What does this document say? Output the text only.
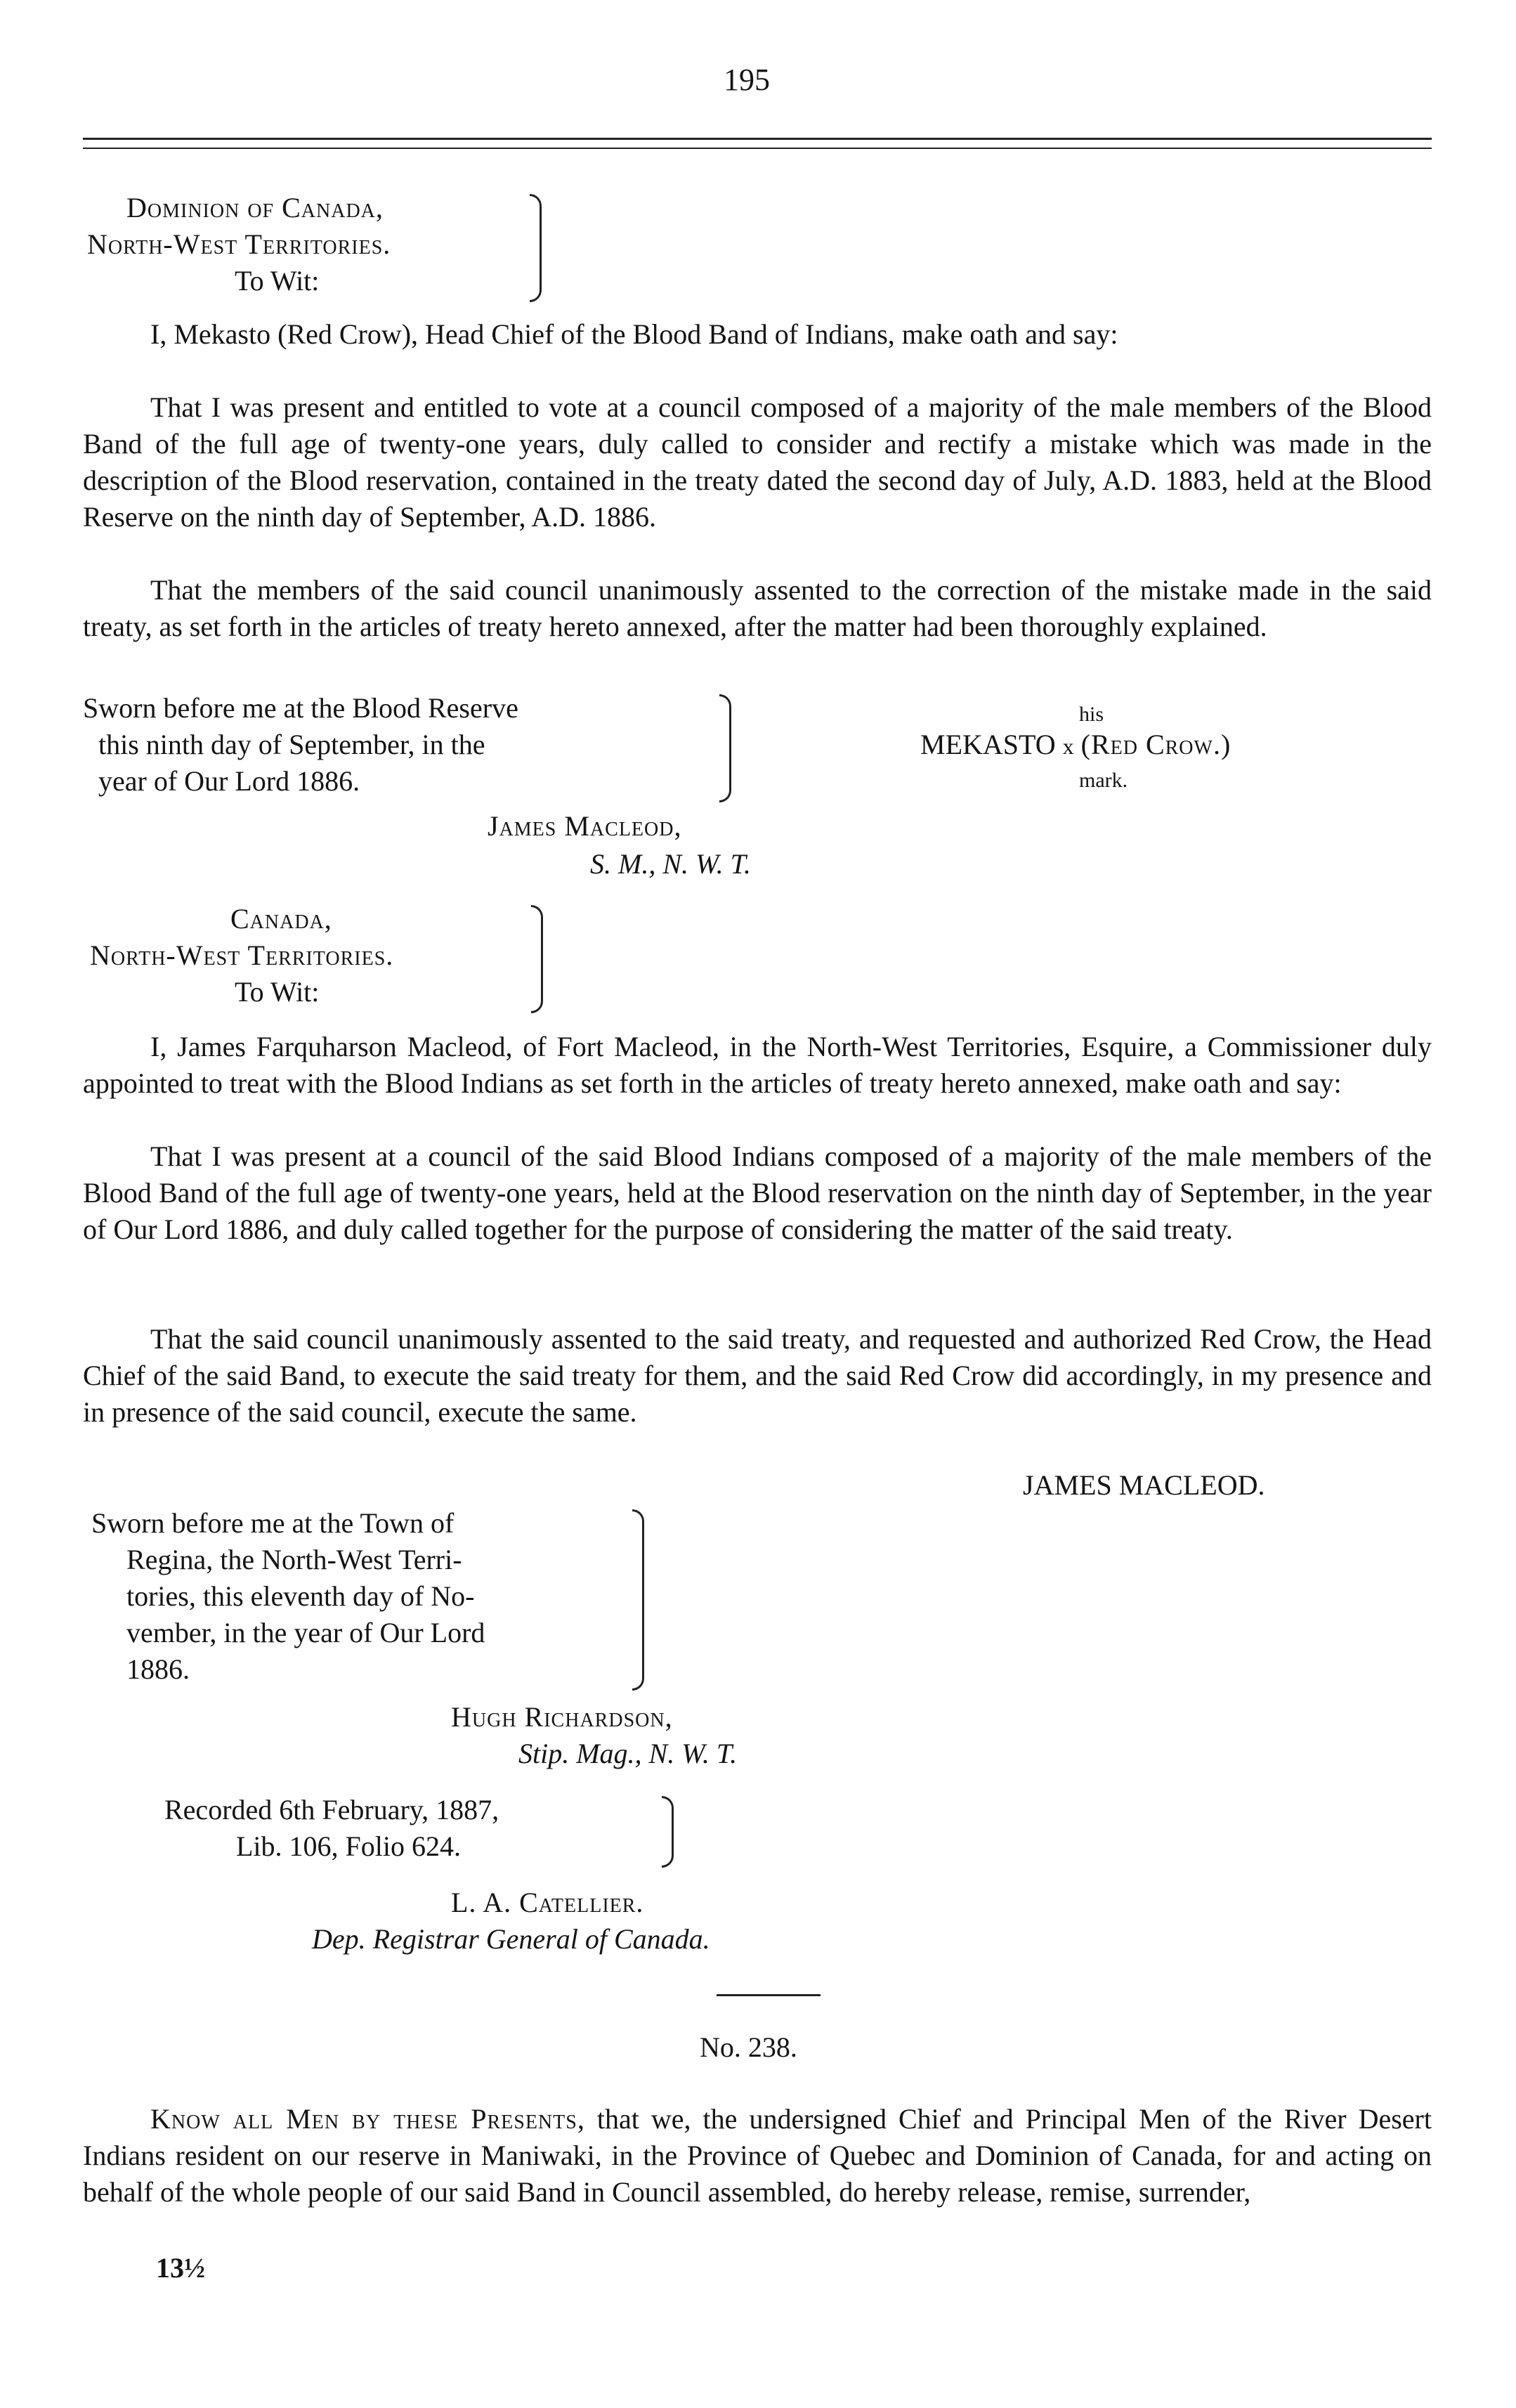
195
Dominion of Canada,
North-West Territories.
To Wit:
I, Mekasto (Red Crow), Head Chief of the Blood Band of Indians, make oath and say:
That I was present and entitled to vote at a council composed of a majority of the male members of the Blood Band of the full age of twenty-one years, duly called to consider and rectify a mistake which was made in the description of the Blood reservation, contained in the treaty dated the second day of July, A.D. 1883, held at the Blood Reserve on the ninth day of September, A.D. 1886.
That the members of the said council unanimously assented to the correction of the mistake made in the said treaty, as set forth in the articles of treaty hereto annexed, after the matter had been thoroughly explained.
Sworn before me at the Blood Reserve
this ninth day of September, in the
year of Our Lord 1886.
his
MEKASTO x (Red Crow.)
mark.
James Macleod,
S. M., N. W. T.
Canada,
North-West Territories.
To Wit:
I, James Farquharson Macleod, of Fort Macleod, in the North-West Territories, Esquire, a Commissioner duly appointed to treat with the Blood Indians as set forth in the articles of treaty hereto annexed, make oath and say:
That I was present at a council of the said Blood Indians composed of a majority of the male members of the Blood Band of the full age of twenty-one years, held at the Blood reservation on the ninth day of September, in the year of Our Lord 1886, and duly called together for the purpose of considering the matter of the said treaty.
That the said council unanimously assented to the said treaty, and requested and authorized Red Crow, the Head Chief of the said Band, to execute the said treaty for them, and the said Red Crow did accordingly, in my presence and in presence of the said council, execute the same.
JAMES MACLEOD.
Sworn before me at the Town of
Regina, the North-West Terri-
tories, this eleventh day of No-
vember, in the year of Our Lord
1886.
Hugh Richardson,
Stip. Mag., N. W. T.
Recorded 6th February, 1887,
Lib. 106, Folio 624.
L. A. Catellier.
Dep. Registrar General of Canada.
No. 238.
Know all Men by these Presents, that we, the undersigned Chief and Principal Men of the River Desert Indians resident on our reserve in Maniwaki, in the Province of Quebec and Dominion of Canada, for and acting on behalf of the whole people of our said Band in Council assembled, do hereby release, remise, surrender,
13½
